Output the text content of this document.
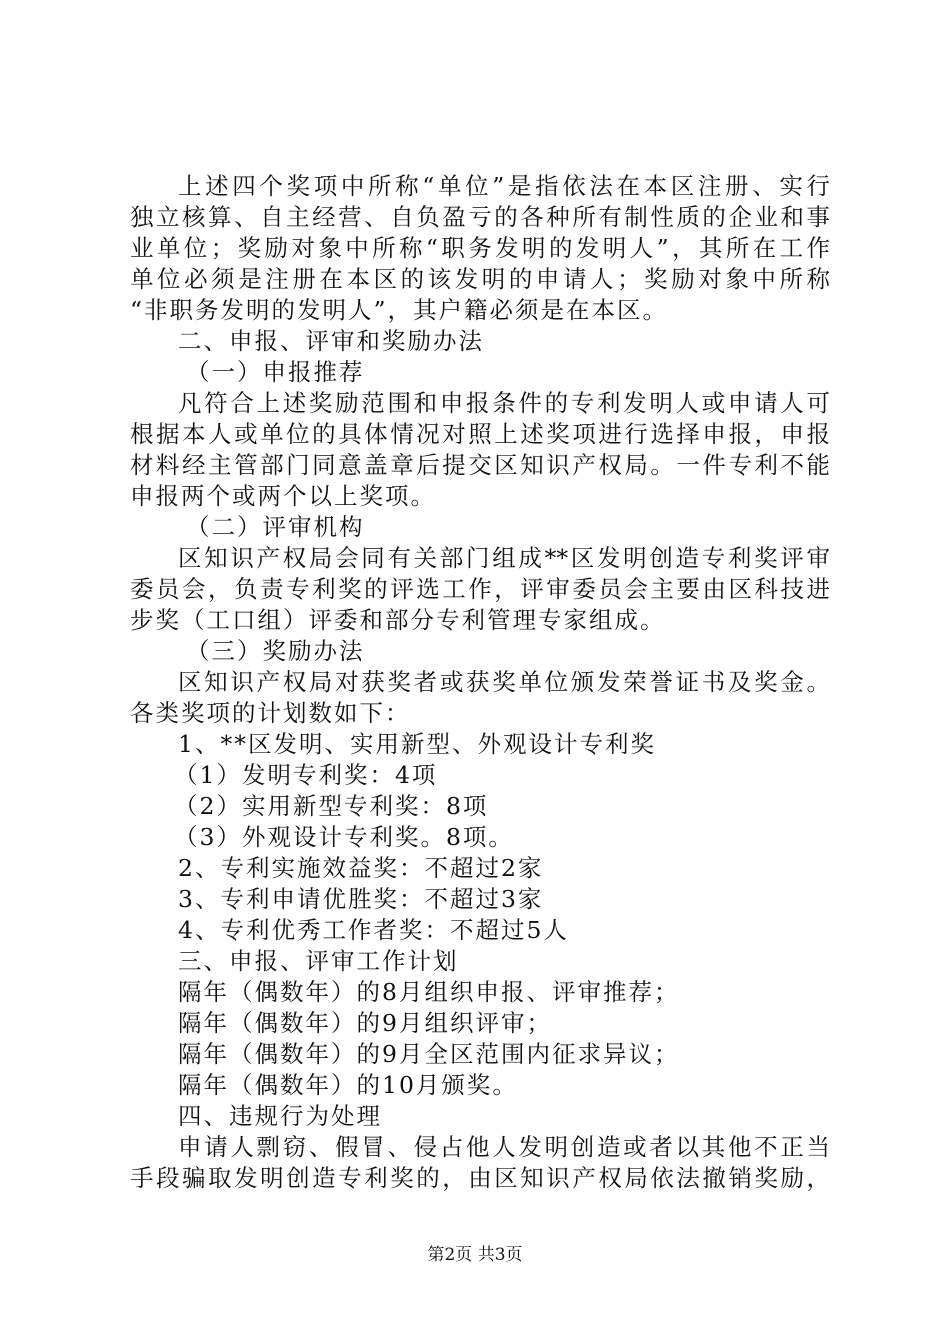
上述四个奖项中所称“单位”是指依法在本区注册、实行
独立核算、自主经营、自负盈亏的各种所有制性质的企业和事
业单位；奖励对象中所称“职务发明的发明人”，其所在工作
单位必须是注册在本区的该发明的申请人；奖励对象中所称
“非职务发明的发明人”，其户籍必须是在本区。
二、申报、评审和奖励办法
（一）申报推荐
凡符合上述奖励范围和申报条件的专利发明人或申请人可
根据本人或单位的具体情况对照上述奖项进行选择申报，申报
材料经主管部门同意盖章后提交区知识产权局。一件专利不能
申报两个或两个以上奖项。
（二）评审机构
区知识产权局会同有关部门组成**区发明创造专利奖评审
委员会，负责专利奖的评选工作，评审委员会主要由区科技进
步奖（工口组）评委和部分专利管理专家组成。
（三）奖励办法
区知识产权局对获奖者或获奖单位颁发荣誉证书及奖金。
各类奖项的计划数如下：
1、**区发明、实用新型、外观设计专利奖
（1）发明专利奖：4项
（2）实用新型专利奖：8项
（3）外观设计专利奖。8项。
2、专利实施效益奖：不超过2家
3、专利申请优胜奖：不超过3家
4、专利优秀工作者奖：不超过5人
三、申报、评审工作计划
隔年（偶数年）的8月组织申报、评审推荐；
隔年（偶数年）的9月组织评审；
隔年（偶数年）的9月全区范围内征求异议；
隔年（偶数年）的10月颁奖。
四、违规行为处理
申请人剽窃、假冒、侵占他人发明创造或者以其他不正当
手段骗取发明创造专利奖的，由区知识产权局依法撤销奖励，
第2页 共3页
